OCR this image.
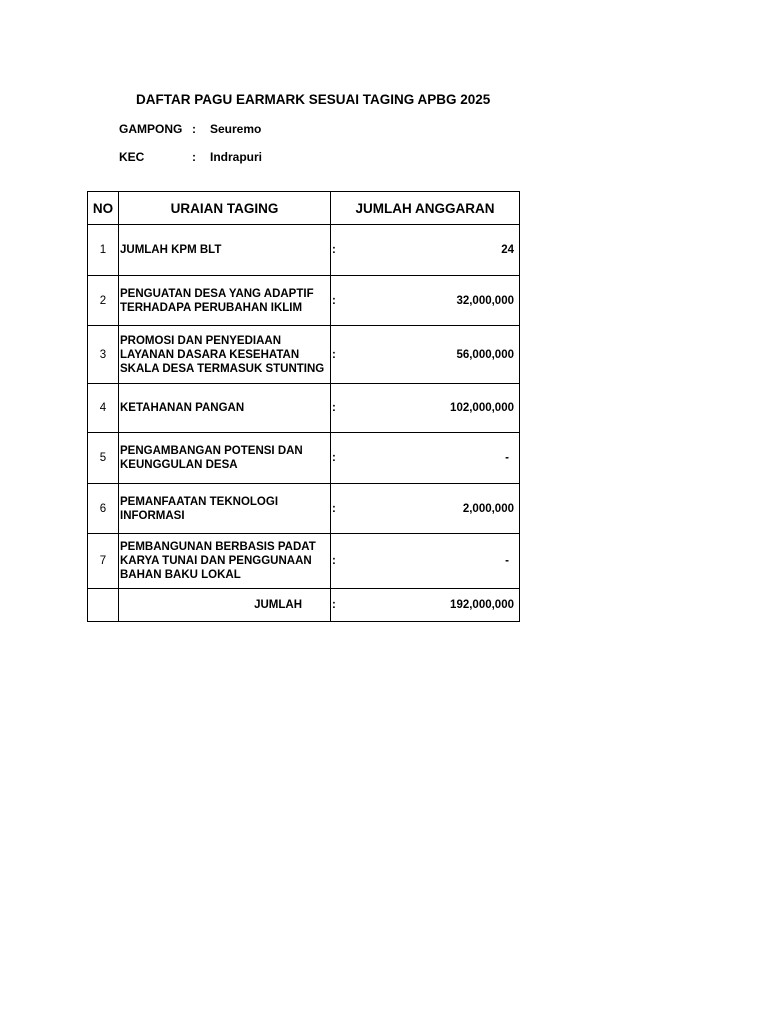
DAFTAR PAGU EARMARK SESUAI TAGING APBG 2025
GAMPONG : Seuremo
KEC	: Indrapuri
NO	URAIAN TAGING	JUMLAH ANGGARAN
1	JUMLAH KPM BLT	: 24

2	PENGUATAN DESA YANG ADAPTIF TERHADAPA PERUBAHAN IKLIM	: 32,000,000

3	PROMOSI DAN PENYEDIAAN LAYANAN DASARA KESEHATAN SKALA DESA TERMASUK STUNTING	: 56,000,000

4	KETAHANAN PANGAN	: 102,000,000

5	PENGAMBANGAN POTENSI DAN KEUNGGULAN DESA	: -

6	PEMANFAATAN TEKNOLOGI INFORMASI	: 2,000,000

7	PEMBANGUNAN BERBASIS PADAT KARYA TUNAI DAN PENGGUNAAN BAHAN BAKU LOKAL	: -

	JUMLAH	: 192,000,000
